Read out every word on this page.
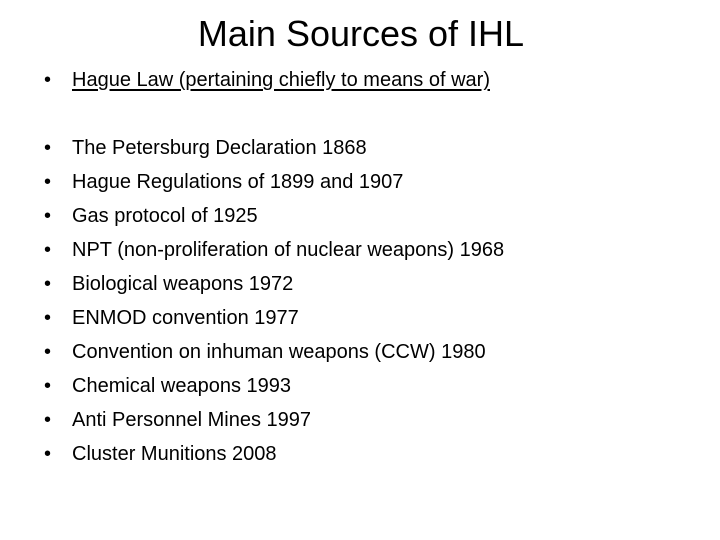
Main Sources of IHL
• Hague Law (pertaining chiefly to means of war)
• The Petersburg Declaration 1868
• Hague Regulations of 1899 and 1907
• Gas protocol of 1925
• NPT (non-proliferation of nuclear weapons) 1968
• Biological weapons 1972
• ENMOD convention 1977
• Convention on inhuman weapons (CCW) 1980
• Chemical weapons 1993
• Anti Personnel Mines 1997
• Cluster Munitions 2008
